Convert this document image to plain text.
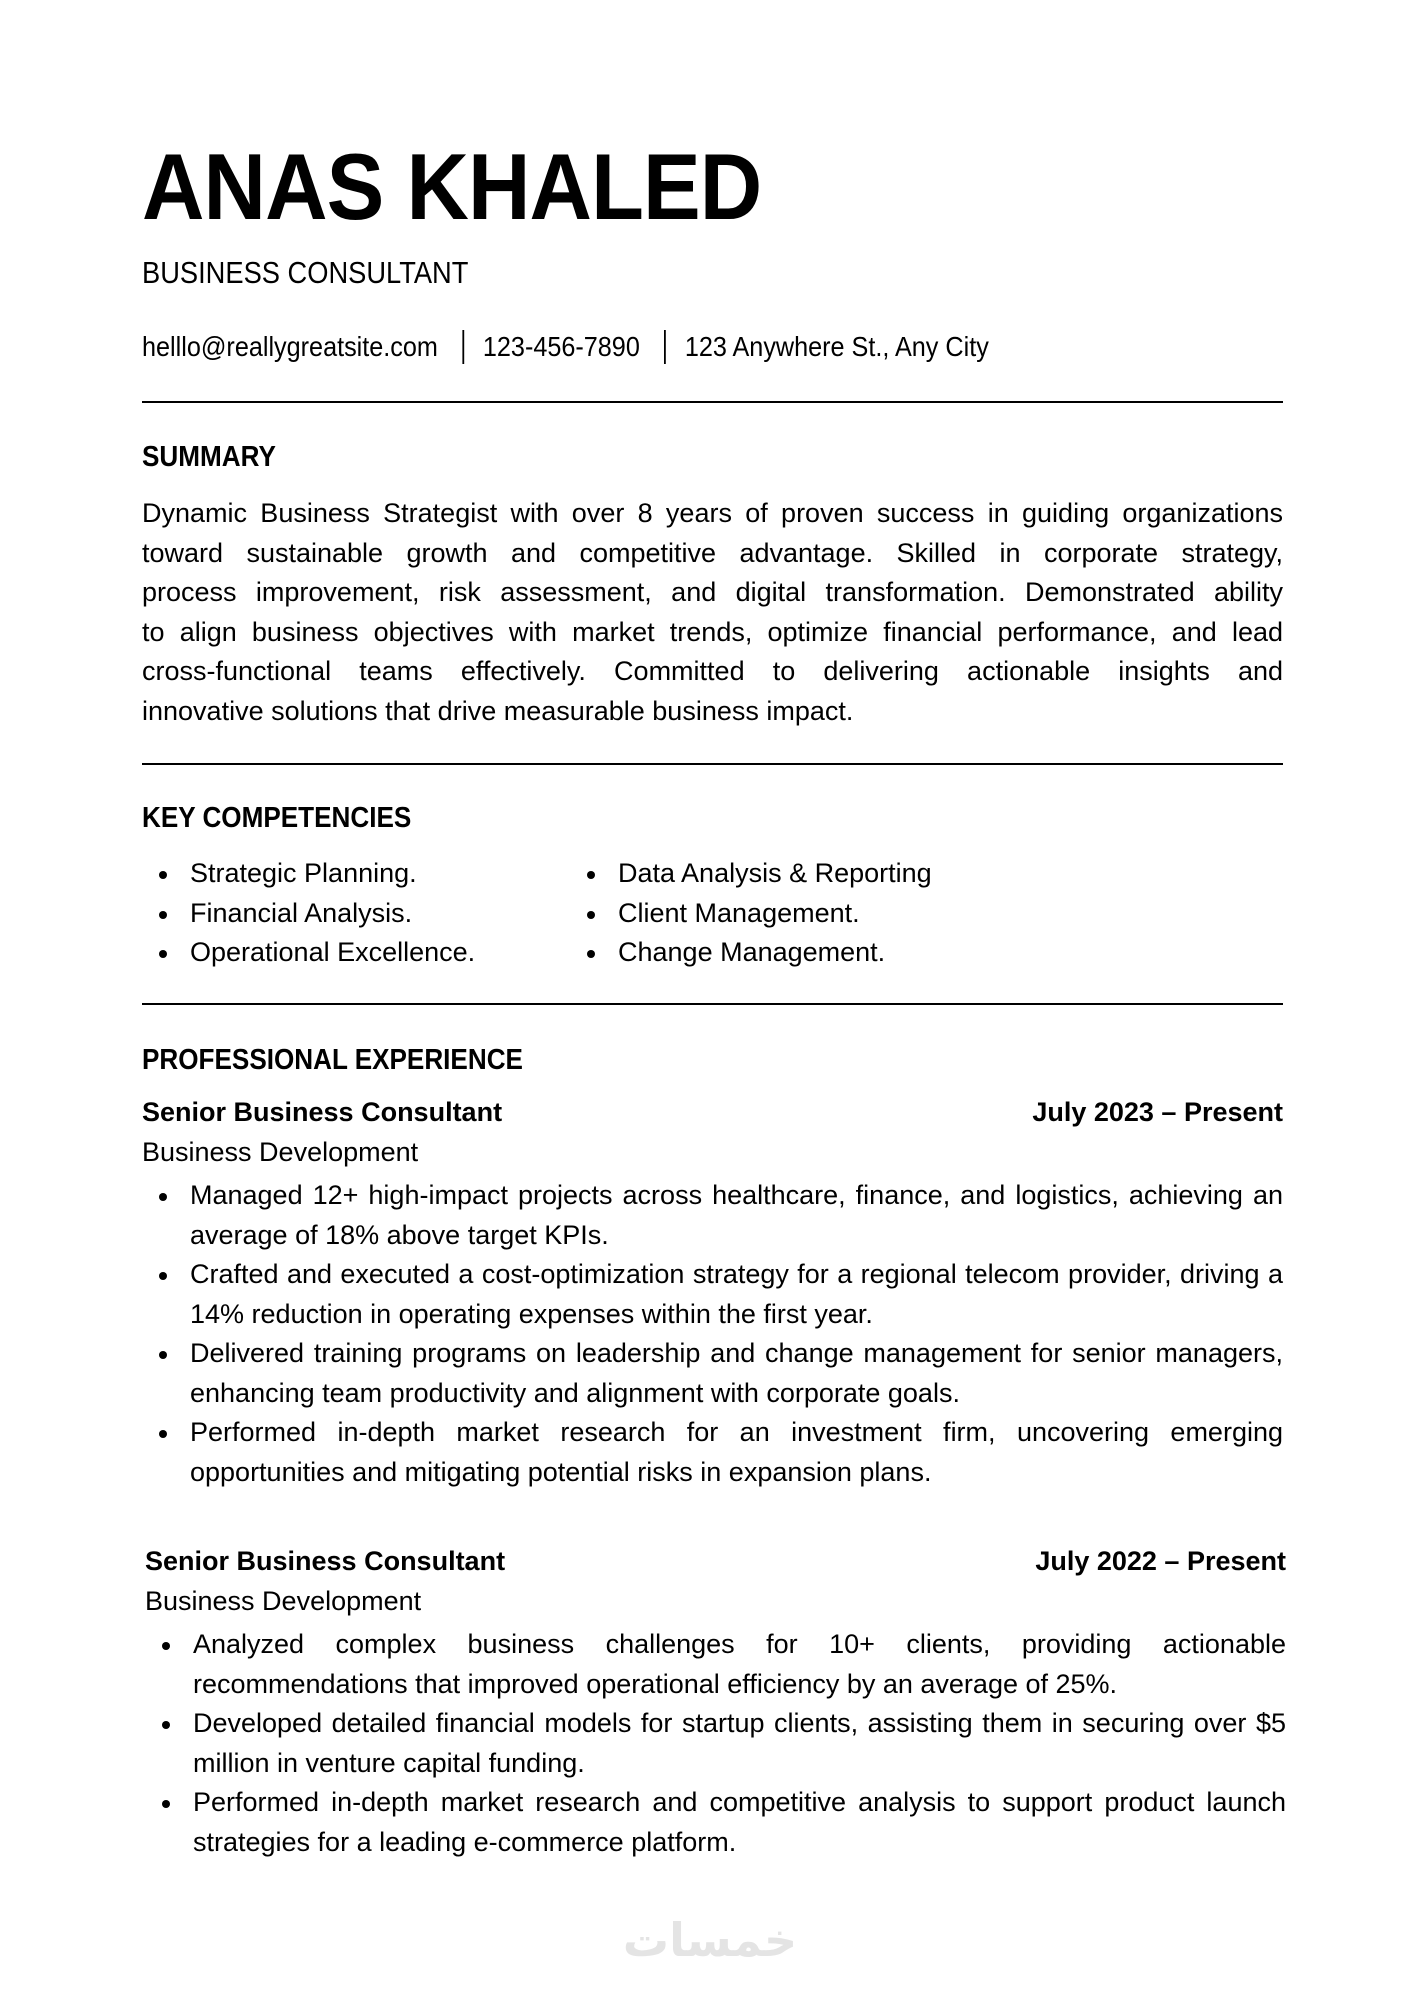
ANAS KHALED
BUSINESS CONSULTANT
helllo@reallygreatsite.com 123-456-7890 123 Anywhere St., Any City
SUMMARY
Dynamic Business Strategist with over 8 years of proven success in guiding organizations
toward sustainable growth and competitive advantage. Skilled in corporate strategy,
process improvement, risk assessment, and digital transformation. Demonstrated ability
to align business objectives with market trends, optimize financial performance, and lead
cross-functional teams effectively. Committed to delivering actionable insights and
innovative solutions that drive measurable business impact.
KEY COMPETENCIES
Strategic Planning.
Financial Analysis.
Operational Excellence.
Data Analysis & Reporting
Client Management.
Change Management.
PROFESSIONAL EXPERIENCE
Senior Business Consultant	July 2023 – Present
Business Development
Managed 12+ high-impact projects across healthcare, finance, and logistics, achieving an average of 18% above target KPIs.
Crafted and executed a cost-optimization strategy for a regional telecom provider, driving a 14% reduction in operating expenses within the first year.
Delivered training programs on leadership and change management for senior managers, enhancing team productivity and alignment with corporate goals.
Performed in-depth market research for an investment firm, uncovering emerging opportunities and mitigating potential risks in expansion plans.
Senior Business Consultant	July 2022 – Present
Business Development
Analyzed complex business challenges for 10+ clients, providing actionable recommendations that improved operational efficiency by an average of 25%.
Developed detailed financial models for startup clients, assisting them in securing over $5 million in venture capital funding.
Performed in-depth market research and competitive analysis to support product launch strategies for a leading e-commerce platform.
خمسات
